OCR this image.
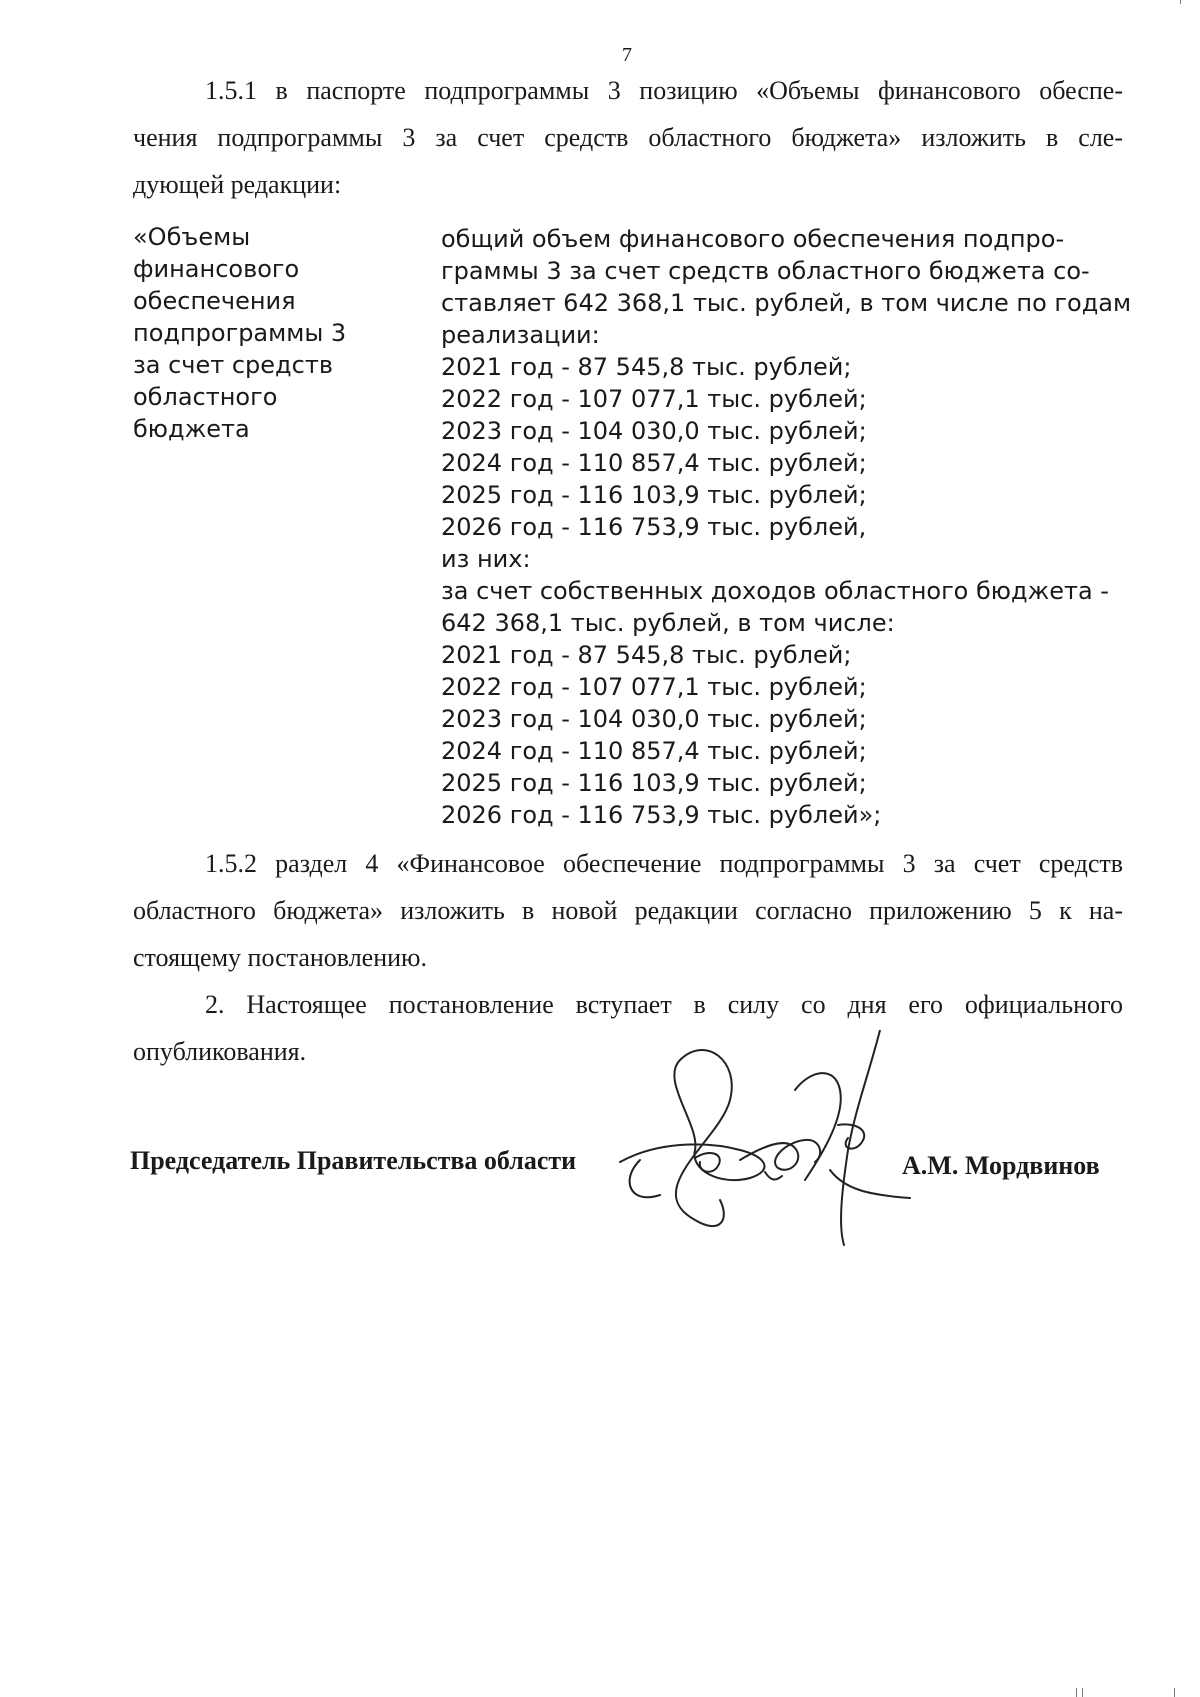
7
1.5.1 в паспорте подпрограммы 3 позицию «Объемы финансового обеспе-
чения подпрограммы 3 за счет средств областного бюджета» изложить в сле-
дующей редакции:
«Объемы
финансового
обеспечения
подпрограммы 3
за счет средств
областного
бюджета
общий объем финансового обеспечения подпро-
граммы 3 за счет средств областного бюджета со-
ставляет 642 368,1 тыс. рублей, в том числе по годам
реализации:
2021 год - 87 545,8 тыс. рублей;
2022 год - 107 077,1 тыс. рублей;
2023 год - 104 030,0 тыс. рублей;
2024 год - 110 857,4 тыс. рублей;
2025 год - 116 103,9 тыс. рублей;
2026 год - 116 753,9 тыс. рублей,
из них:
за счет собственных доходов областного бюджета -
642 368,1 тыс. рублей, в том числе:
2021 год - 87 545,8 тыс. рублей;
2022 год - 107 077,1 тыс. рублей;
2023 год - 104 030,0 тыс. рублей;
2024 год - 110 857,4 тыс. рублей;
2025 год - 116 103,9 тыс. рублей;
2026 год - 116 753,9 тыс. рублей»;
1.5.2 раздел 4 «Финансовое обеспечение подпрограммы 3 за счет средств
областного бюджета» изложить в новой редакции согласно приложению 5 к на-
стоящему постановлению.
2. Настоящее постановление вступает в силу со дня его официального
опубликования.
Председатель Правительства области	А.М. Мордвинов
